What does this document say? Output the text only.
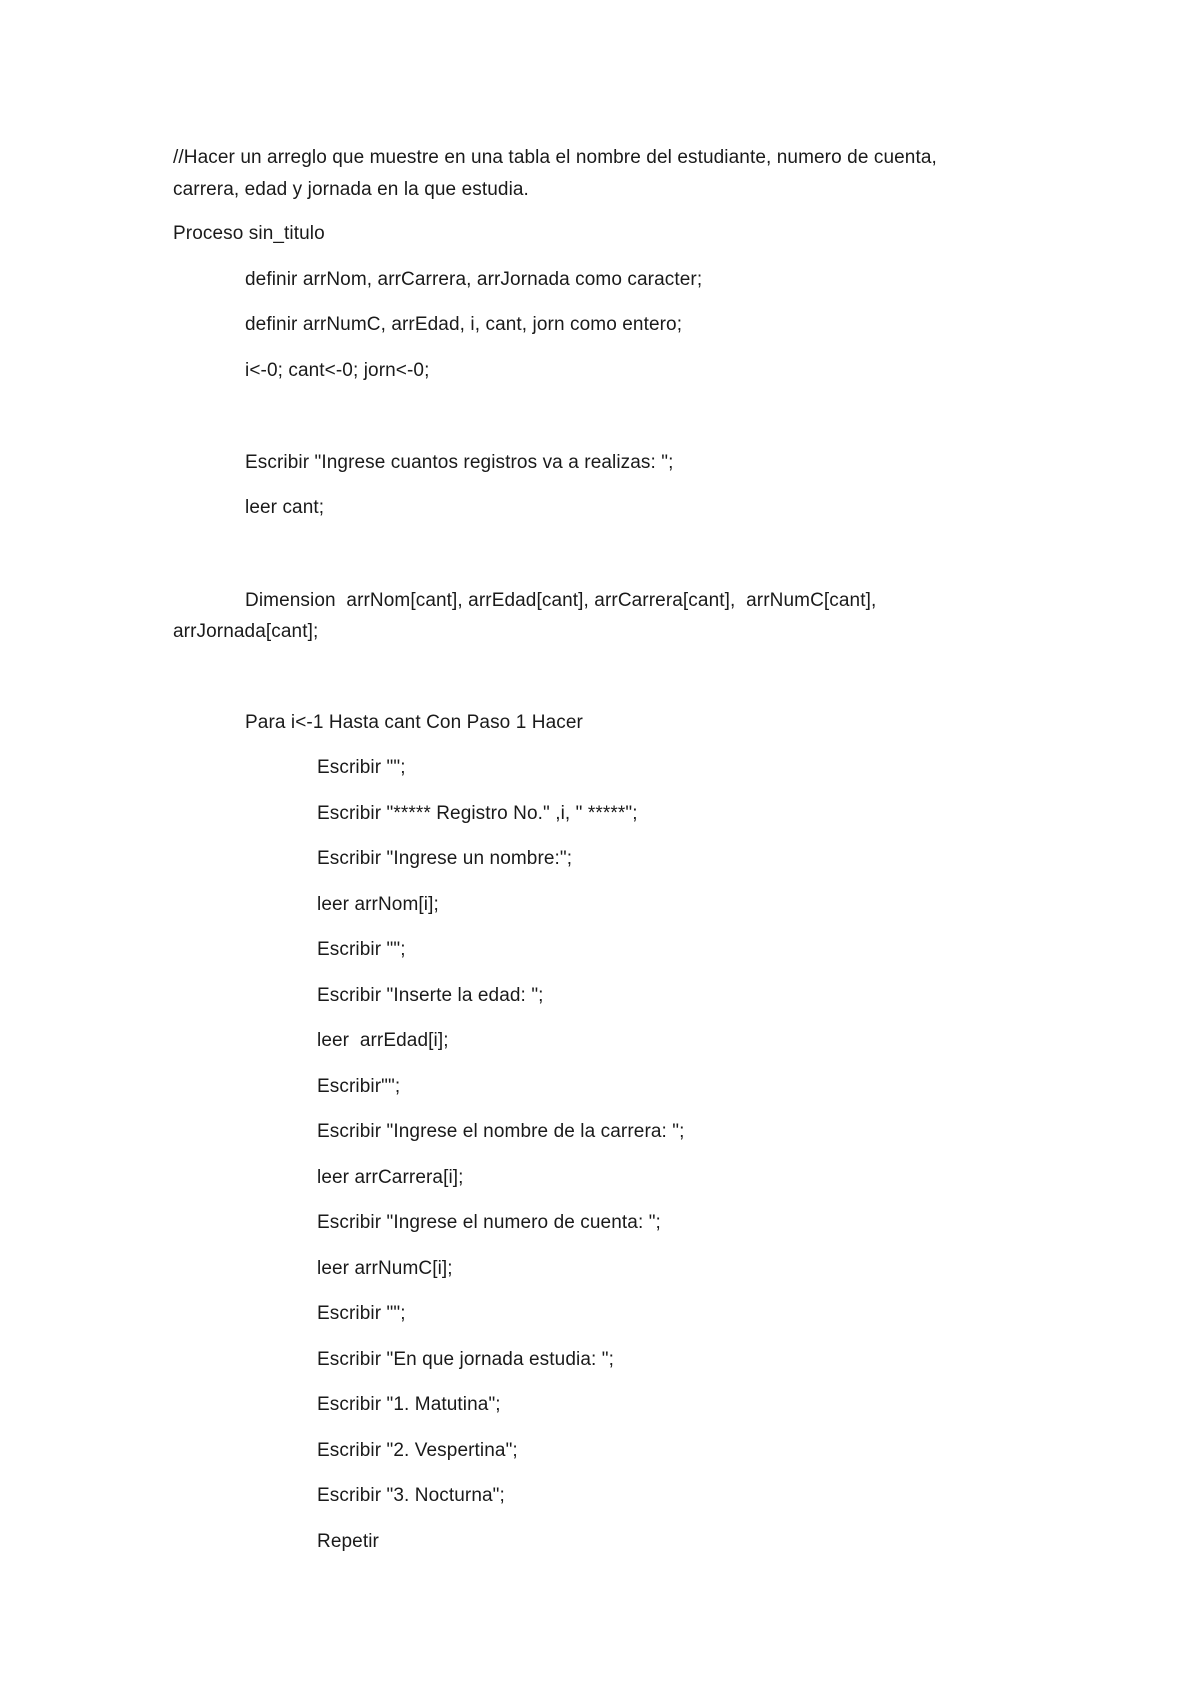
//Hacer un arreglo que muestre en una tabla el nombre del estudiante, numero de cuenta,
carrera, edad y jornada en la que estudia.
Proceso sin_titulo
definir arrNom, arrCarrera, arrJornada como caracter;
definir arrNumC, arrEdad, i, cant, jorn como entero;
i<-0; cant<-0; jorn<-0;
Escribir "Ingrese cuantos registros va a realizas: ";
leer cant;
Dimension  arrNom[cant], arrEdad[cant], arrCarrera[cant],  arrNumC[cant],
arrJornada[cant];
Para i<-1 Hasta cant Con Paso 1 Hacer
Escribir "";
Escribir "***** Registro No." ,i, " *****";
Escribir "Ingrese un nombre:";
leer arrNom[i];
Escribir "";
Escribir "Inserte la edad: ";
leer  arrEdad[i];
Escribir"";
Escribir "Ingrese el nombre de la carrera: ";
leer arrCarrera[i];
Escribir "Ingrese el numero de cuenta: ";
leer arrNumC[i];
Escribir "";
Escribir "En que jornada estudia: ";
Escribir "1. Matutina";
Escribir "2. Vespertina";
Escribir "3. Nocturna";
Repetir
